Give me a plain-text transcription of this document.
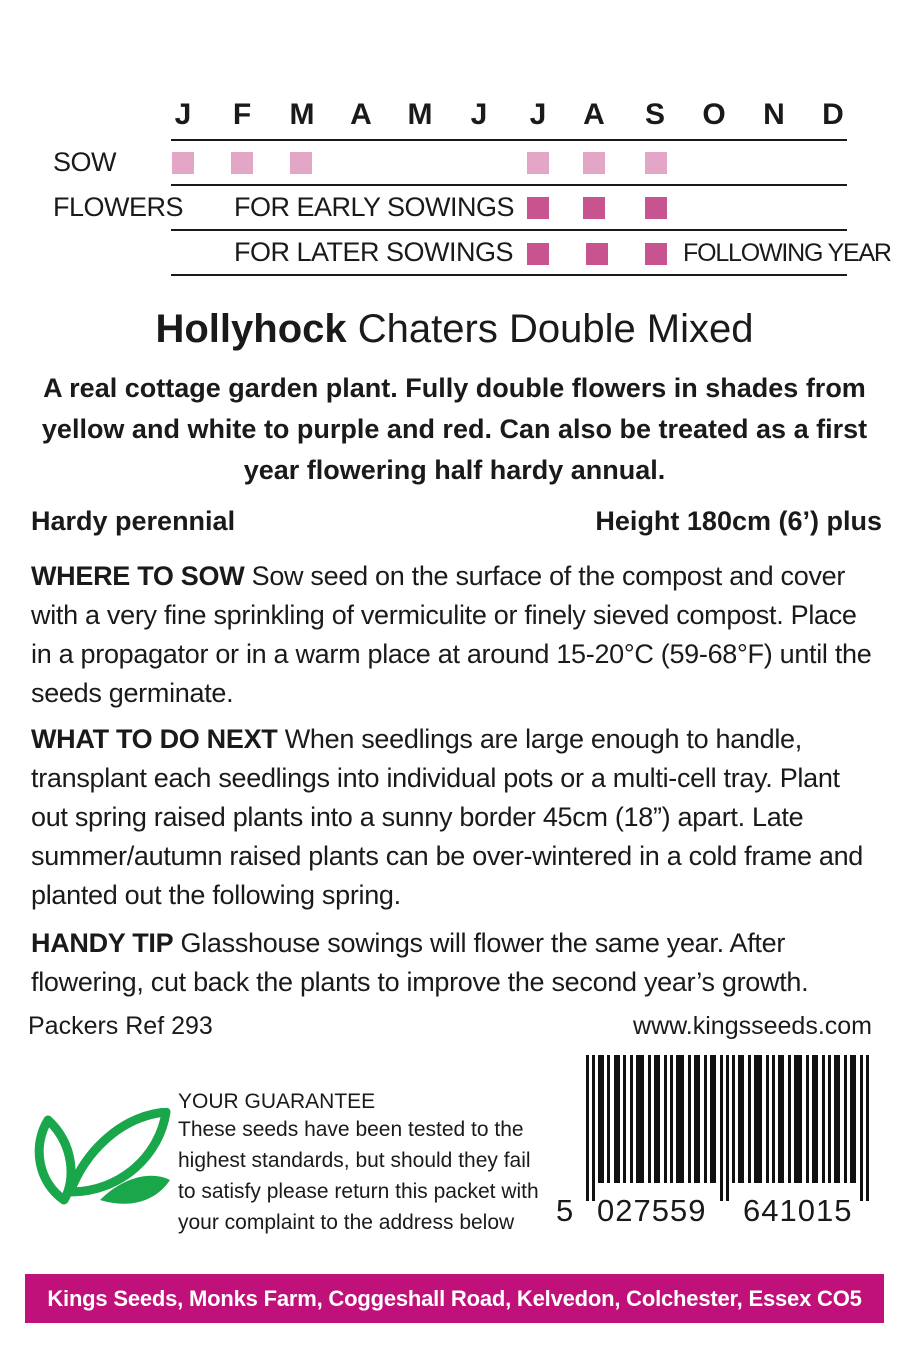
J	F	M	A	M	J	J	A	S	O	N	D
SOW
FLOWERS FOR EARLY SOWINGS
FOR LATER SOWINGS	FOLLOWING YEAR
Hollyhock Chaters Double Mixed
A real cottage garden plant. Fully double flowers in shades from yellow and white to purple and red. Can also be treated as a first year flowering half hardy annual.
Hardy perennial	Height 180cm (6’) plus
WHERE TO SOW Sow seed on the surface of the compost and cover with a very fine sprinkling of vermiculite or finely sieved compost. Place in a propagator or in a warm place at around 15-20°C (59-68°F) until the seeds germinate.
WHAT TO DO NEXT When seedlings are large enough to handle, transplant each seedlings into individual pots or a multi-cell tray. Plant out spring raised plants into a sunny border 45cm (18”) apart. Late summer/autumn raised plants can be over-wintered in a cold frame and planted out the following spring.
HANDY TIP Glasshouse sowings will flower the same year. After flowering, cut back the plants to improve the second year’s growth.
Packers Ref 293	www.kingsseeds.com
YOUR GUARANTEE
These seeds have been tested to the highest standards, but should they fail to satisfy please return this packet with your complaint to the address below	5 027559 641015
Kings Seeds, Monks Farm, Coggeshall Road, Kelvedon, Colchester, Essex CO5 9PG
